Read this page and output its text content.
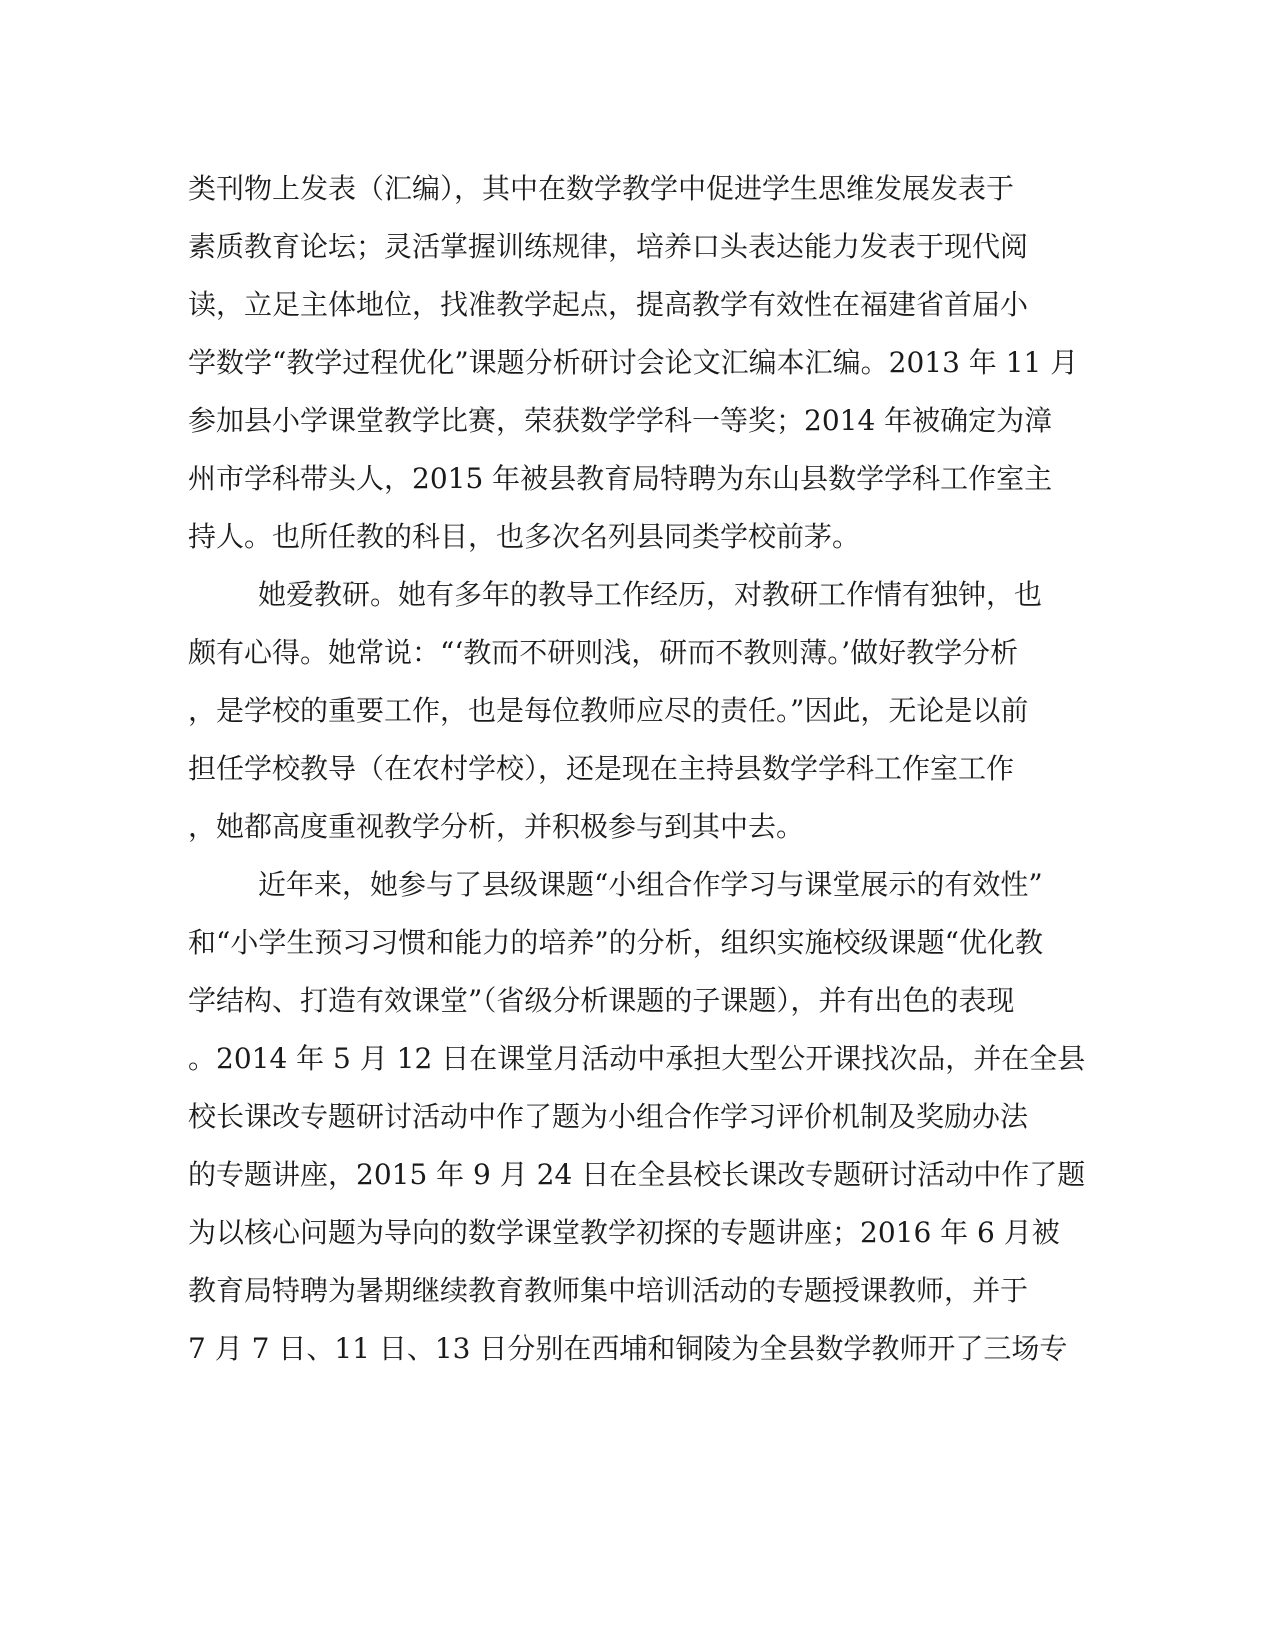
类刊物上发表（汇编），其中在数学教学中促进学生思维发展发表于
素质教育论坛；灵活掌握训练规律，培养口头表达能力发表于现代阅
读，立足主体地位，找准教学起点，提高教学有效性在福建省首届小
学数学“教学过程优化”课题分析研讨会论文汇编本汇编。2013 年 11 月
参加县小学课堂教学比赛，荣获数学学科一等奖；2014 年被确定为漳
州市学科带头人，2015 年被县教育局特聘为东山县数学学科工作室主
持人。也所任教的科目，也多次名列县同类学校前茅。
她爱教研。她有多年的教导工作经历，对教研工作情有独钟，也
颇有心得。她常说：“‘教而不研则浅，研而不教则薄。’做好教学分析
，是学校的重要工作，也是每位教师应尽的责任。”因此，无论是以前
担任学校教导（在农村学校），还是现在主持县数学学科工作室工作
，她都高度重视教学分析，并积极参与到其中去。
近年来，她参与了县级课题“小组合作学习与课堂展示的有效性”
和“小学生预习习惯和能力的培养”的分析，组织实施校级课题“优化教
学结构、打造有效课堂”（省级分析课题的子课题），并有出色的表现
。2014 年 5 月 12 日在课堂月活动中承担大型公开课找次品，并在全县
校长课改专题研讨活动中作了题为小组合作学习评价机制及奖励办法
的专题讲座，2015 年 9 月 24 日在全县校长课改专题研讨活动中作了题
为以核心问题为导向的数学课堂教学初探的专题讲座；2016 年 6 月被
教育局特聘为暑期继续教育教师集中培训活动的专题授课教师，并于
7 月 7 日、11 日、13 日分别在西埔和铜陵为全县数学教师开了三场专
